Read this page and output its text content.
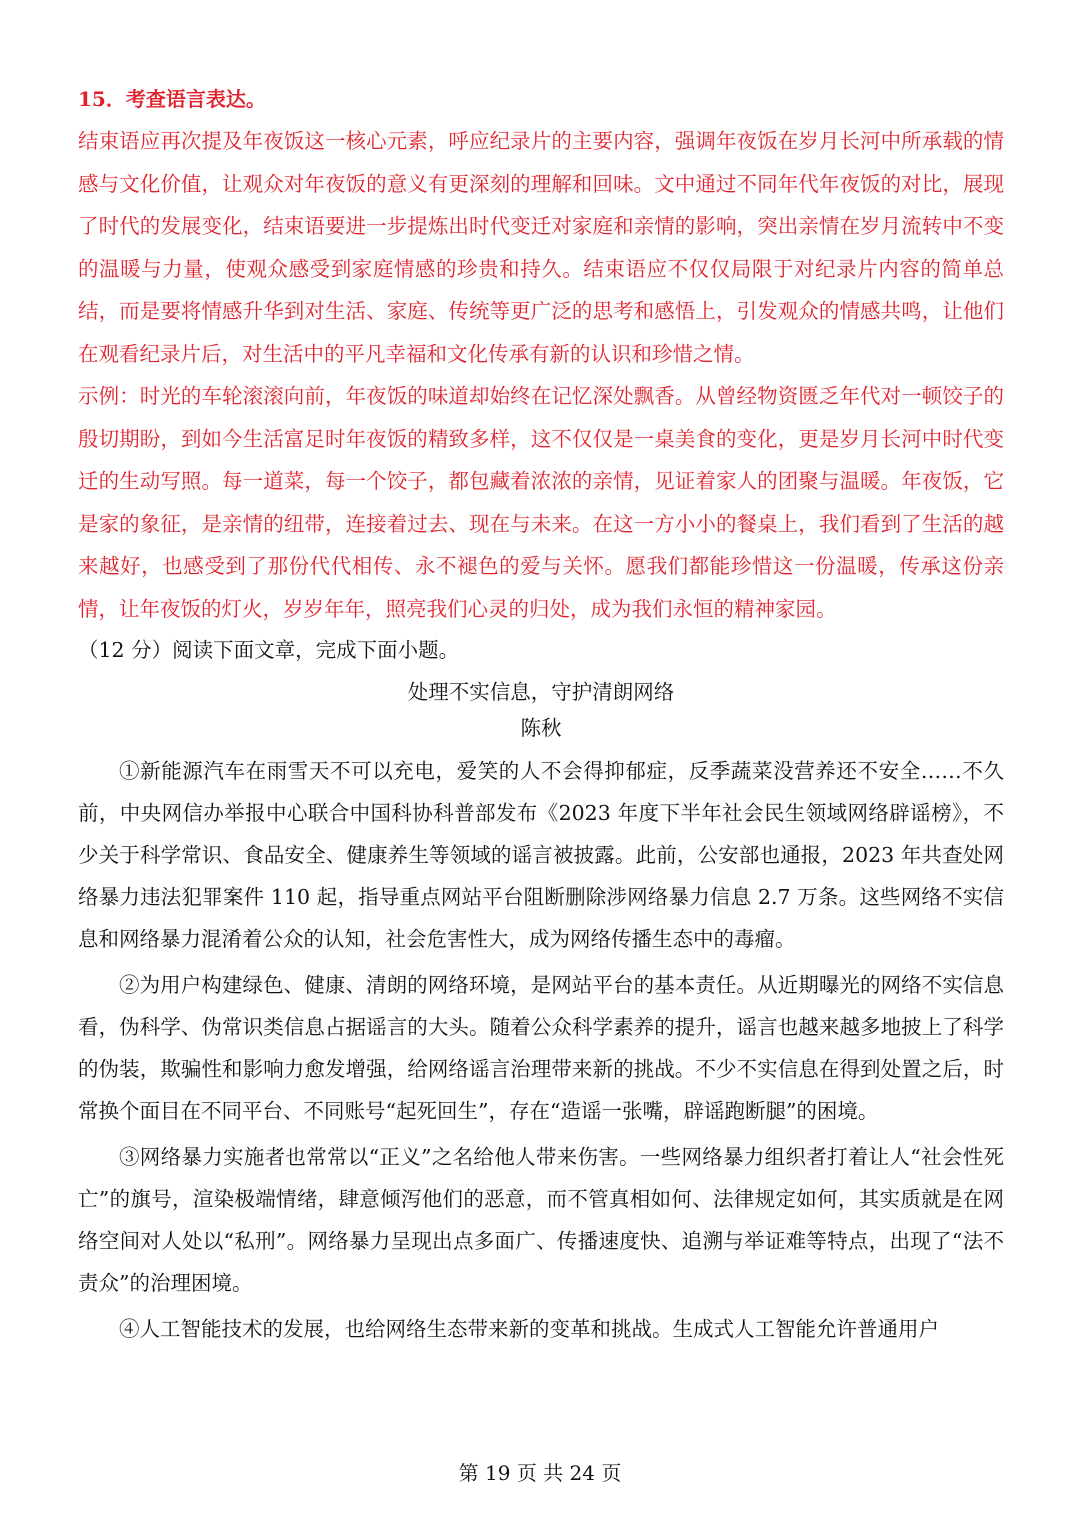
15．考查语言表达。

结束语应再次提及年夜饭这一核心元素，呼应纪录片的主要内容，强调年夜饭在岁月长河中所承载的情感与文化价值，让观众对年夜饭的意义有更深刻的理解和回味。文中通过不同年代年夜饭的对比，展现了时代的发展变化，结束语要进一步提炼出时代变迁对家庭和亲情的影响，突出亲情在岁月流转中不变的温暖与力量，使观众感受到家庭情感的珍贵和持久。结束语应不仅仅局限于对纪录片内容的简单总结，而是要将情感升华到对生活、家庭、传统等更广泛的思考和感悟上，引发观众的情感共鸣，让他们在观看纪录片后，对生活中的平凡幸福和文化传承有新的认识和珍惜之情。

示例：时光的车轮滚滚向前，年夜饭的味道却始终在记忆深处飘香。从曾经物资匮乏年代对一顿饺子的殷切期盼，到如今生活富足时年夜饭的精致多样，这不仅仅是一桌美食的变化，更是岁月长河中时代变迁的生动写照。每一道菜，每一个饺子，都包藏着浓浓的亲情，见证着家人的团聚与温暖。年夜饭，它是家的象征，是亲情的纽带，连接着过去、现在与未来。在这一方小小的餐桌上，我们看到了生活的越来越好，也感受到了那份代代相传、永不褪色的爱与关怀。愿我们都能珍惜这一份温暖，传承这份亲情，让年夜饭的灯火，岁岁年年，照亮我们心灵的归处，成为我们永恒的精神家园。

（12 分）阅读下面文章，完成下面小题。
处理不实信息，守护清朗网络
陈秋

①新能源汽车在雨雪天不可以充电，爱笑的人不会得抑郁症，反季蔬菜没营养还不安全……不久前，中央网信办举报中心联合中国科协科普部发布《2023 年度下半年社会民生领域网络辟谣榜》，不少关于科学常识、食品安全、健康养生等领域的谣言被披露。此前，公安部也通报，2023 年共查处网络暴力违法犯罪案件 110 起，指导重点网站平台阻断删除涉网络暴力信息 2.7 万条。这些网络不实信息和网络暴力混淆着公众的认知，社会危害性大，成为网络传播生态中的毒瘤。

②为用户构建绿色、健康、清朗的网络环境，是网站平台的基本责任。从近期曝光的网络不实信息看，伪科学、伪常识类信息占据谣言的大头。随着公众科学素养的提升，谣言也越来越多地披上了科学的伪装，欺骗性和影响力愈发增强，给网络谣言治理带来新的挑战。不少不实信息在得到处置之后，时常换个面目在不同平台、不同账号“起死回生”，存在“造谣一张嘴，辟谣跑断腿”的困境。

③网络暴力实施者也常常以“正义”之名给他人带来伤害。一些网络暴力组织者打着让人“社会性死亡”的旗号，渲染极端情绪，肆意倾泻他们的恶意，而不管真相如何、法律规定如何，其实质就是在网络空间对人处以“私刑”。网络暴力呈现出点多面广、传播速度快、追溯与举证难等特点，出现了“法不责众”的治理困境。

④人工智能技术的发展，也给网络生态带来新的变革和挑战。生成式人工智能允许普通用户

第 19 页 共 24 页
